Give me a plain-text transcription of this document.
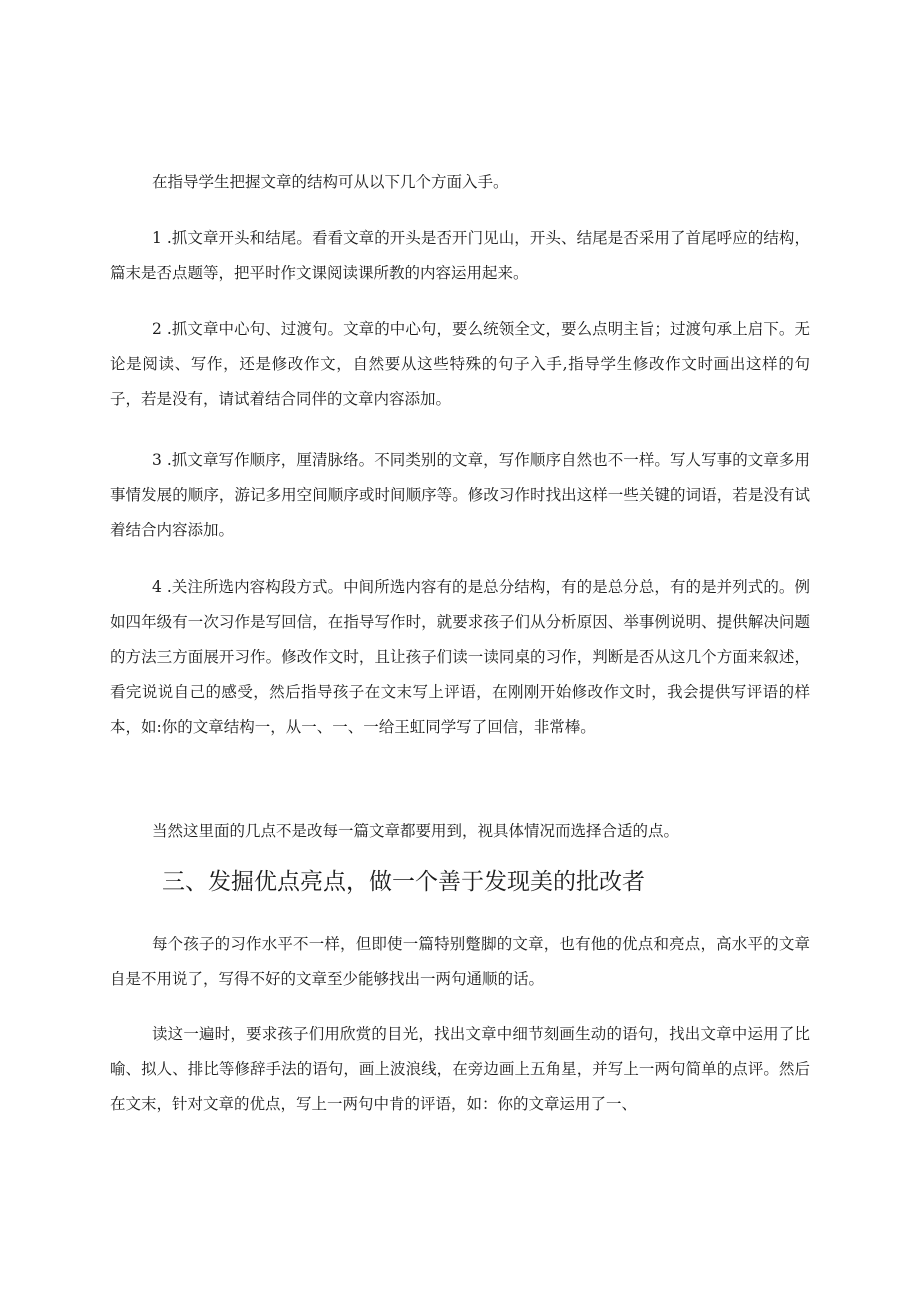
在指导学生把握文章的结构可从以下几个方面入手。

1 .抓文章开头和结尾。看看文章的开头是否开门见山，开头、结尾是否采用了首尾呼应的结构，篇末是否点题等，把平时作文课阅读课所教的内容运用起来。

2 .抓文章中心句、过渡句。文章的中心句，要么统领全文，要么点明主旨；过渡句承上启下。无论是阅读、写作，还是修改作文，自然要从这些特殊的句子入手,指导学生修改作文时画出这样的句子，若是没有，请试着结合同伴的文章内容添加。

3 .抓文章写作顺序，厘清脉络。不同类别的文章，写作顺序自然也不一样。写人写事的文章多用事情发展的顺序，游记多用空间顺序或时间顺序等。修改习作时找出这样一些关键的词语，若是没有试着结合内容添加。

4 .关注所选内容构段方式。中间所选内容有的是总分结构，有的是总分总，有的是并列式的。例如四年级有一次习作是写回信，在指导写作时，就要求孩子们从分析原因、举事例说明、提供解决问题的方法三方面展开习作。修改作文时，且让孩子们读一读同桌的习作，判断是否从这几个方面来叙述，看完说说自己的感受，然后指导孩子在文末写上评语，在刚刚开始修改作文时，我会提供写评语的样本，如:你的文章结构一，从一、一、一给王虹同学写了回信，非常棒。

当然这里面的几点不是改每一篇文章都要用到，视具体情况而选择合适的点。

三、发掘优点亮点，做一个善于发现美的批改者

每个孩子的习作水平不一样，但即使一篇特别蹩脚的文章，也有他的优点和亮点，高水平的文章自是不用说了，写得不好的文章至少能够找出一两句通顺的话。

读这一遍时，要求孩子们用欣赏的目光，找出文章中细节刻画生动的语句，找出文章中运用了比喻、拟人、排比等修辞手法的语句，画上波浪线，在旁边画上五角星，并写上一两句简单的点评。然后在文末，针对文章的优点，写上一两句中肯的评语，如：你的文章运用了一、
